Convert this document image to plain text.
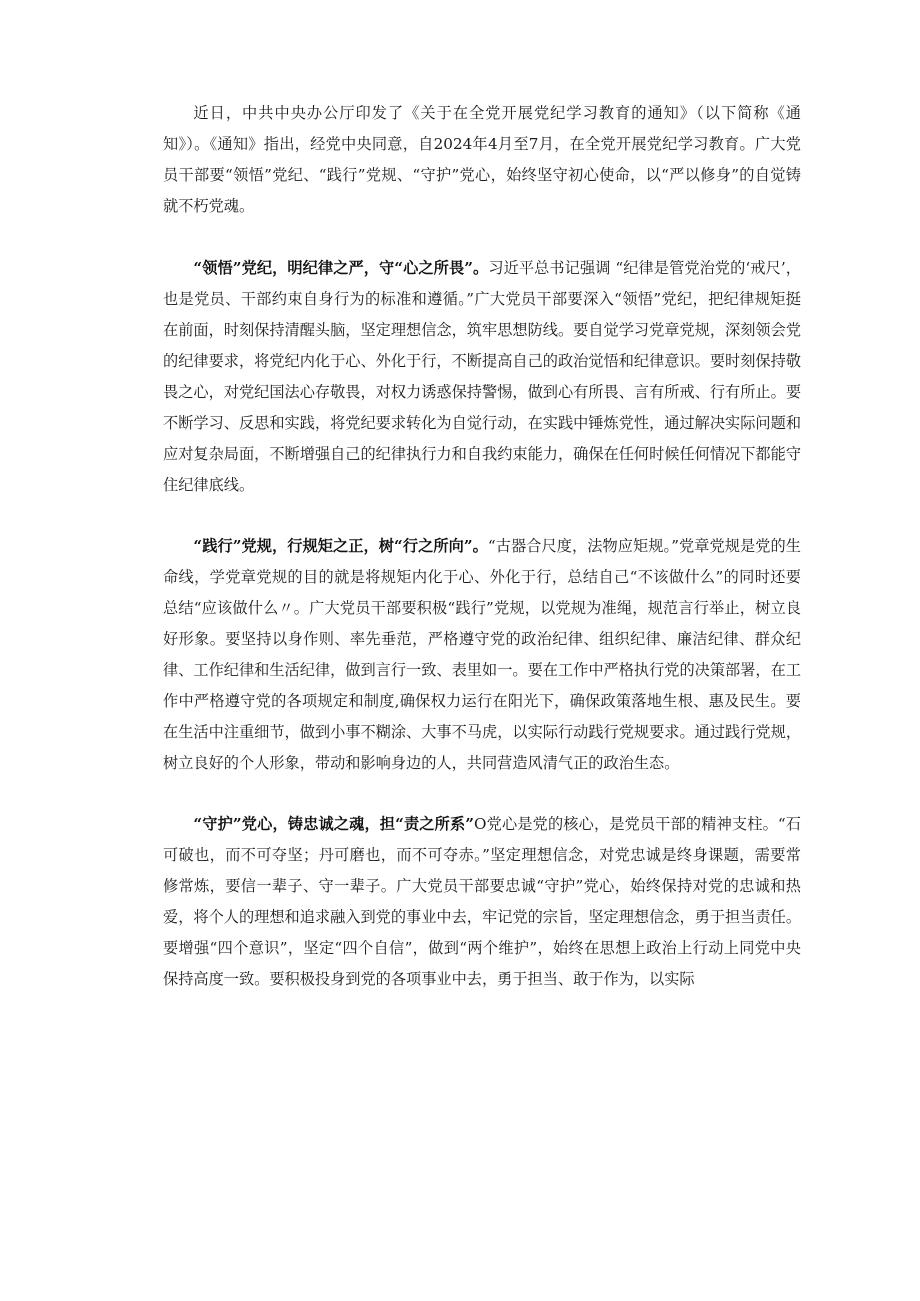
近日，中共中央办公厅印发了《关于在全党开展党纪学习教育的通知》（以下简称《通知》）。《通知》指出，经党中央同意，自2024年4月至7月，在全党开展党纪学习教育。广大党员干部要“领悟”党纪、“践行”党规、“守护”党心，始终坚守初心使命，以“严以修身”的自觉铸就不朽党魂。

“领悟”党纪，明纪律之严，守“心之所畏”。习近平总书记强调 “纪律是管党治党的‘戒尺’，也是党员、干部约束自身行为的标准和遵循。”广大党员干部要深入“领悟”党纪，把纪律规矩挺在前面，时刻保持清醒头脑，坚定理想信念，筑牢思想防线。要自觉学习党章党规，深刻领会党的纪律要求，将党纪内化于心、外化于行，不断提高自己的政治觉悟和纪律意识。要时刻保持敬畏之心，对党纪国法心存敬畏，对权力诱惑保持警惕，做到心有所畏、言有所戒、行有所止。要不断学习、反思和实践，将党纪要求转化为自觉行动，在实践中锤炼党性，通过解决实际问题和应对复杂局面，不断增强自己的纪律执行力和自我约束能力，确保在任何时候任何情况下都能守住纪律底线。

“践行”党规，行规矩之正，树“行之所向”。“古器合尺度，法物应矩规。”党章党规是党的生命线，学党章党规的目的就是将规矩内化于心、外化于行，总结自己“不该做什么”的同时还要总结“应该做什么〃。广大党员干部要积极“践行”党规，以党规为准绳，规范言行举止，树立良好形象。要坚持以身作则、率先垂范，严格遵守党的政治纪律、组织纪律、廉洁纪律、群众纪律、工作纪律和生活纪律，做到言行一致、表里如一。要在工作中严格执行党的决策部署，在工作中严格遵守党的各项规定和制度,确保权力运行在阳光下，确保政策落地生根、惠及民生。要在生活中注重细节，做到小事不糊涂、大事不马虎，以实际行动践行党规要求。通过践行党规，树立良好的个人形象，带动和影响身边的人，共同营造风清气正的政治生态。

“守护”党心，铸忠诚之魂，担“责之所系”O党心是党的核心，是党员干部的精神支柱。“石可破也，而不可夺坚；丹可磨也，而不可夺赤。”坚定理想信念，对党忠诚是终身课题，需要常修常炼，要信一辈子、守一辈子。广大党员干部要忠诚“守护”党心，始终保持对党的忠诚和热爱，将个人的理想和追求融入到党的事业中去，牢记党的宗旨，坚定理想信念，勇于担当责任。要增强“四个意识”，坚定“四个自信”，做到“两个维护”，始终在思想上政治上行动上同党中央保持高度一致。要积极投身到党的各项事业中去，勇于担当、敢于作为，以实际
